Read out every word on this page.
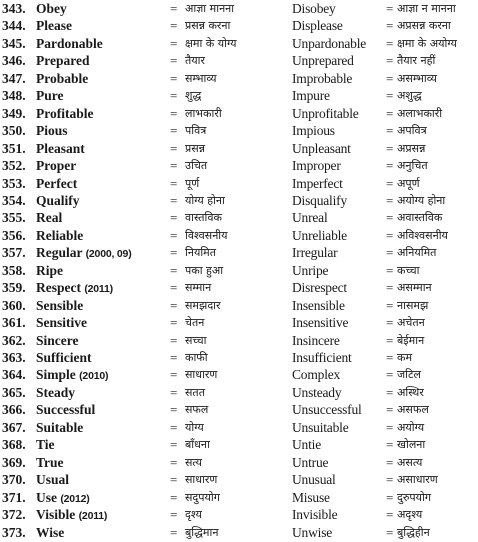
343. Obey	= आज्ञा मानना	Disobey	= आज्ञा न मानना
344. Please	= प्रसन्न करना	Displease	= अप्रसन्न करना
345. Pardonable	= क्षमा के योग्य	Unpardonable	= क्षमा के अयोग्य
346. Prepared	= तैयार	Unprepared	= तैयार नहीं
347. Probable	= सम्भाव्य	Improbable	= असम्भाव्य
348. Pure	= शुद्ध	Impure	= अशुद्ध
349. Profitable	= लाभकारी	Unprofitable	= अलाभकारी
350. Pious	= पवित्र	Impious	= अपवित्र
351. Pleasant	= प्रसन्न	Unpleasant	= अप्रसन्न
352. Proper	= उचित	Improper	= अनुचित
353. Perfect	= पूर्ण	Imperfect	= अपूर्ण
354. Qualify	= योग्य होना	Disqualify	= अयोग्य होना
355. Real	= वास्तविक	Unreal	= अवास्तविक
356. Reliable	= विश्वसनीय	Unreliable	= अविश्वसनीय
357. Regular (2000, 09)	= नियमित	Irregular	= अनियमित
358. Ripe	= पका हुआ	Unripe	= कच्चा
359. Respect (2011)	= सम्मान	Disrespect	= असम्मान
360. Sensible	= समझदार	Insensible	= नासमझ
361. Sensitive	= चेतन	Insensitive	= अचेतन
362. Sincere	= सच्चा	Insincere	= बेईमान
363. Sufficient	= काफी	Insufficient	= कम
364. Simple (2010)	= साधारण	Complex	= जटिल
365. Steady	= सतत	Unsteady	= अस्थिर
366. Successful	= सफल	Unsuccessful	= असफल
367. Suitable	= योग्य	Unsuitable	= अयोग्य
368. Tie	= बाँधना	Untie	= खोलना
369. True	= सत्य	Untrue	= असत्य
370. Usual	= साधारण	Unusual	= असाधारण
371. Use (2012)	= सदुपयोग	Misuse	= दुरुपयोग
372. Visible (2011)	= दृश्य	Invisible	= अदृश्य
373. Wise	= बुद्धिमान	Unwise	= बुद्धिहीन
